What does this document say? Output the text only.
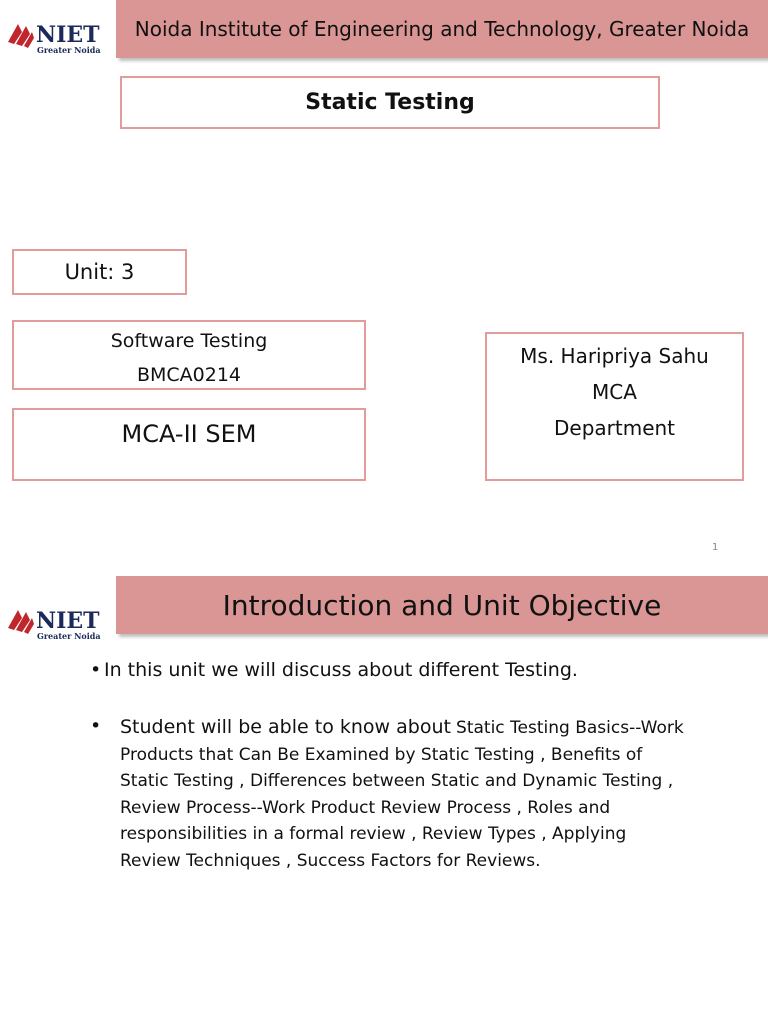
NIET
Greater Noida
Noida Institute of Engineering and Technology, Greater Noida
Static Testing
Unit: 3
Software Testing
BMCA0214
MCA-II SEM
Ms. Haripriya Sahu
MCA
Department
1
NIET
Greater Noida
Introduction and Unit Objective
• In this unit we will discuss about different Testing.
• Student will be able to know about Static Testing Basics--Work Products that Can Be Examined by Static Testing , Benefits of Static Testing , Differences between Static and Dynamic Testing , Review Process--Work Product Review Process , Roles and responsibilities in a formal review , Review Types , Applying Review Techniques , Success Factors for Reviews.
